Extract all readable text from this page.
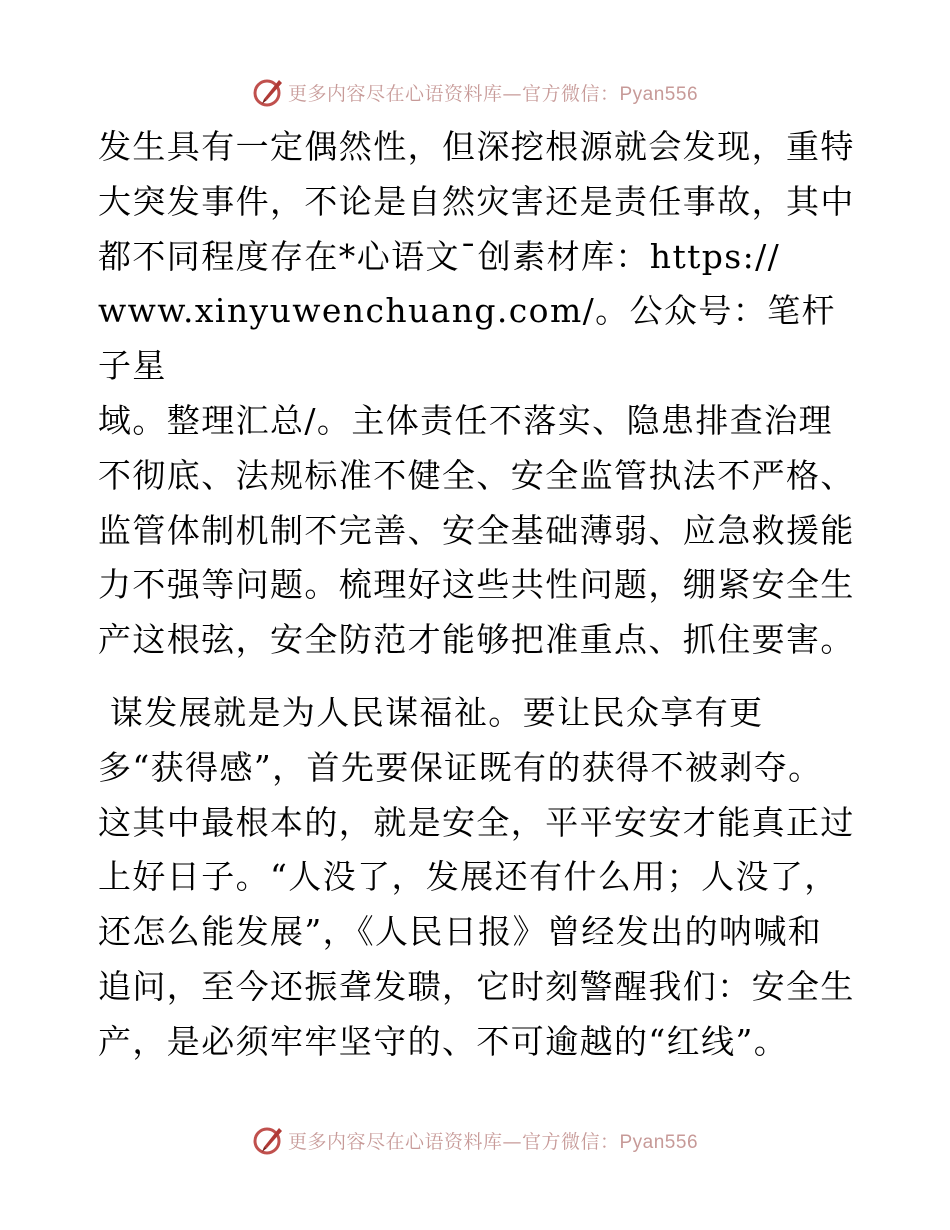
更多内容尽在心语资料库—官方微信：Pyan556

发生具有一定偶然性，但深挖根源就会发现，重特
大突发事件，不论是自然灾害还是责任事故，其中
都不同程度存在*心语文¯创素材库：https://
www.xinyuwenchuang.com/。公众号：笔杆子星
域。整理汇总/。主体责任不落实、隐患排查治理
不彻底、法规标准不健全、安全监管执法不严格、
监管体制机制不完善、安全基础薄弱、应急救援能
力不强等问题。梳理好这些共性问题，绷紧安全生
产这根弦，安全防范才能够把准重点、抓住要害。

谋发展就是为人民谋福祉。要让民众享有更
多“获得感”，首先要保证既有的获得不被剥夺。
这其中最根本的，就是安全，平平安安才能真正过
上好日子。“人没了，发展还有什么用；人没了，
还怎么能发展”，《人民日报》曾经发出的呐喊和
追问，至今还振聋发聩，它时刻警醒我们：安全生
产，是必须牢牢坚守的、不可逾越的“红线”。

更多内容尽在心语资料库—官方微信：Pyan556
